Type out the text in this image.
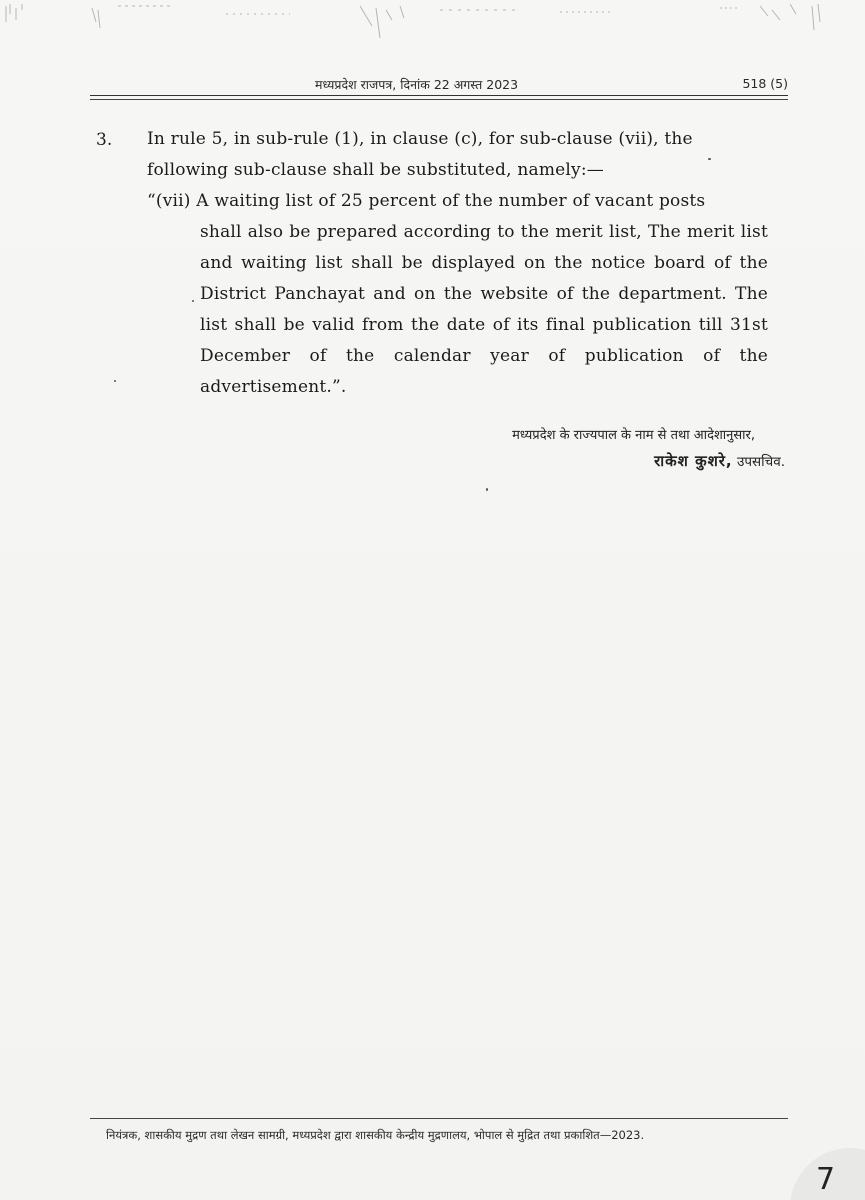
मध्यप्रदेश राजपत्र, दिनांक 22 अगस्त 2023	518 (5)
3. In rule 5, in sub-rule (1), in clause (c), for sub-clause (vii), the
following sub-clause shall be substituted, namely:—
“(vii) A waiting list of 25 percent of the number of vacant posts
shall also be prepared according to the merit list, The merit list and waiting list shall be displayed on the notice board of the District Panchayat and on the website of the department. The list shall be valid from the date of its final publication till 31st December of the calendar year of publication of the advertisement.”.
मध्यप्रदेश के राज्यपाल के नाम से तथा आदेशानुसार,
राकेश कुशरे, उपसचिव.
नियंत्रक, शासकीय मुद्रण तथा लेखन सामग्री, मध्यप्रदेश द्वारा शासकीय केन्द्रीय मुद्रणालय, भोपाल से मुद्रित तथा प्रकाशित—2023.
7
